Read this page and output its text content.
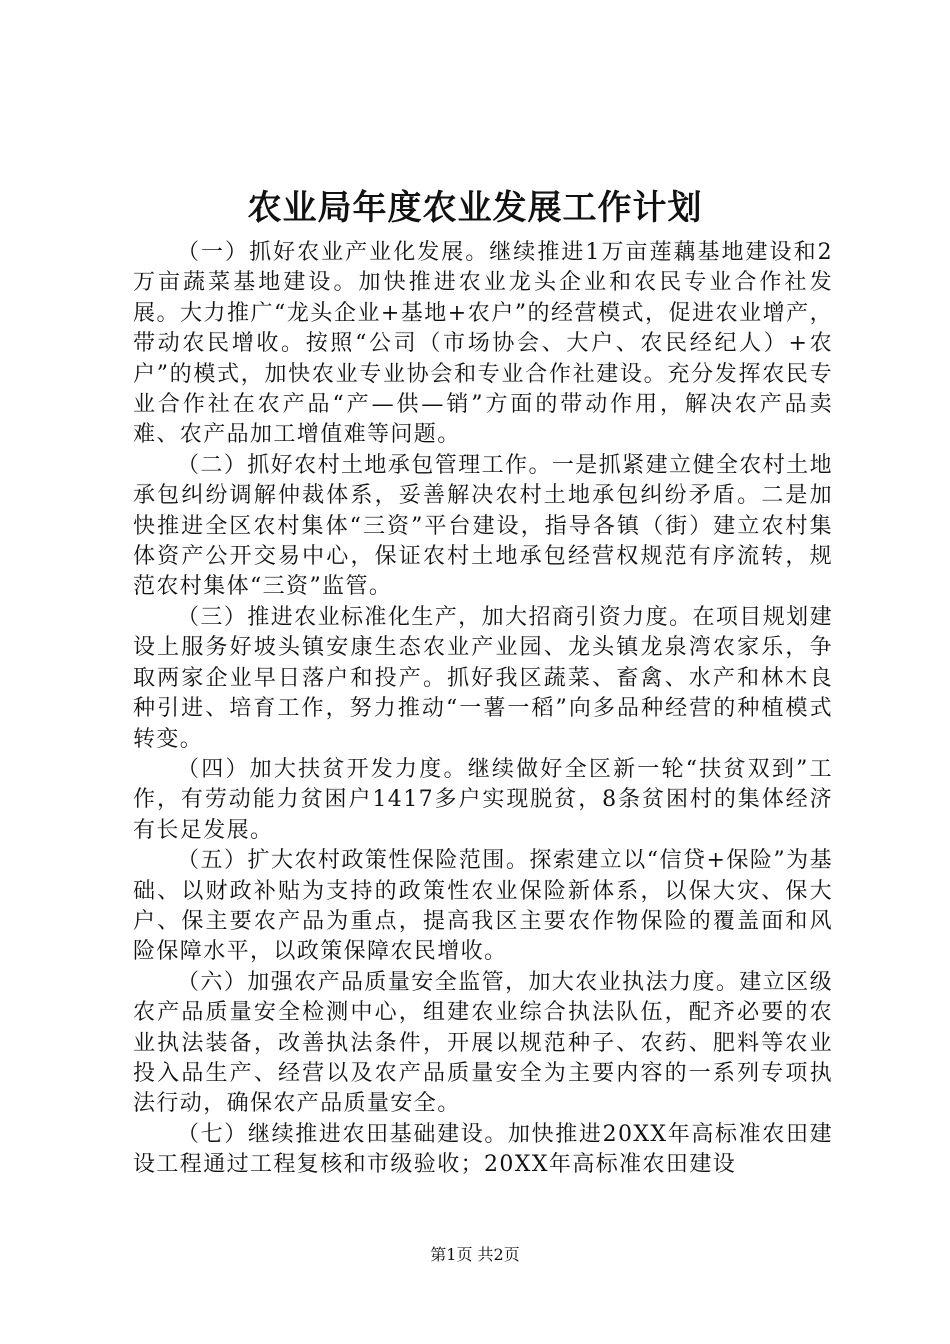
农业局年度农业发展工作计划

（一）抓好农业产业化发展。继续推进1万亩莲藕基地建设和2万亩蔬菜基地建设。加快推进农业龙头企业和农民专业合作社发展。大力推广“龙头企业+基地+农户”的经营模式，促进农业增产，带动农民增收。按照“公司（市场协会、大户、农民经纪人）+农户”的模式，加快农业专业协会和专业合作社建设。充分发挥农民专业合作社在农产品“产—供—销”方面的带动作用，解决农产品卖难、农产品加工增值难等问题。

（二）抓好农村土地承包管理工作。一是抓紧建立健全农村土地承包纠纷调解仲裁体系，妥善解决农村土地承包纠纷矛盾。二是加快推进全区农村集体“三资”平台建设，指导各镇（街）建立农村集体资产公开交易中心，保证农村土地承包经营权规范有序流转，规范农村集体“三资”监管。

（三）推进农业标准化生产，加大招商引资力度。在项目规划建设上服务好坡头镇安康生态农业产业园、龙头镇龙泉湾农家乐，争取两家企业早日落户和投产。抓好我区蔬菜、畜禽、水产和林木良种引进、培育工作，努力推动“一薯一稻”向多品种经营的种植模式转变。

（四）加大扶贫开发力度。继续做好全区新一轮“扶贫双到”工作，有劳动能力贫困户1417多户实现脱贫，8条贫困村的集体经济有长足发展。

（五）扩大农村政策性保险范围。探索建立以“信贷+保险”为基础、以财政补贴为支持的政策性农业保险新体系，以保大灾、保大户、保主要农产品为重点，提高我区主要农作物保险的覆盖面和风险保障水平，以政策保障农民增收。

（六）加强农产品质量安全监管，加大农业执法力度。建立区级农产品质量安全检测中心，组建农业综合执法队伍，配齐必要的农业执法装备，改善执法条件，开展以规范种子、农药、肥料等农业投入品生产、经营以及农产品质量安全为主要内容的一系列专项执法行动，确保农产品质量安全。

（七）继续推进农田基础建设。加快推进20XX年高标准农田建设工程通过工程复核和市级验收；20XX年高标准农田建设

第1页 共2页
